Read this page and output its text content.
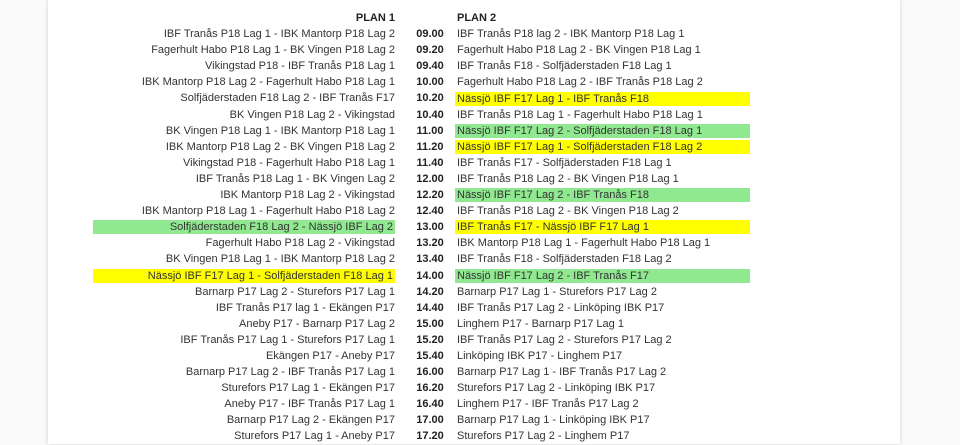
PLAN 1	PLAN 2
IBF Tranås P18 Lag 1 - IBK Mantorp P18 Lag 2	09.00	IBF Tranås P18 lag 2 - IBK Mantorp P18 Lag 1
Fagerhult Habo P18 Lag 1 - BK Vingen P18 Lag 2	09.20	Fagerhult Habo P18 Lag 2 - BK Vingen P18 Lag 1
Vikingstad P18 - IBF Tranås P18 Lag 1	09.40	IBF Tranås F18 - Solfjäderstaden F18 Lag 1
IBK Mantorp P18 Lag 2 - Fagerhult Habo P18 Lag 1	10.00	Fagerhult Habo P18 Lag 2 - IBF Tranås P18 Lag 2
Solfjäderstaden F18 Lag 2 - IBF Tranås F17	10.20	Nässjö IBF F17 Lag 1 - IBF Tranås F18
BK Vingen P18 Lag 2 - Vikingstad	10.40	IBF Tranås P18 Lag 1 - Fagerhult Habo P18 Lag 1
BK Vingen P18 Lag 1 - IBK Mantorp P18 Lag 1	11.00	Nässjö IBF F17 Lag 2 - Solfjäderstaden F18 Lag 1
IBK Mantorp P18 Lag 2 - BK Vingen P18 Lag 2	11.20	Nässjö IBF F17 Lag 1 - Solfjäderstaden F18 Lag 2
Vikingstad P18 - Fagerhult Habo P18 Lag 1	11.40	IBF Tranås F17 - Solfjäderstaden F18 Lag 1
IBF Tranås P18 Lag 1 - BK Vingen Lag 2	12.00	IBF Tranås P18 Lag 2 - BK Vingen P18 Lag 1
IBK Mantorp P18 Lag 2 - Vikingstad	12.20	Nässjö IBF F17 Lag 2 - IBF Tranås F18
IBK Mantorp P18 Lag 1 - Fagerhult Habo P18 Lag 2	12.40	IBF Tranås P18 Lag 2 - BK Vingen P18 Lag 2
Solfjäderstaden F18 Lag 2 - Nässjö IBF Lag 2	13.00	IBF Tranås F17 - Nässjö IBF F17 Lag 1
Fagerhult Habo P18 Lag 2 - Vikingstad	13.20	IBK Mantorp P18 Lag 1 - Fagerhult Habo P18 Lag 1
BK Vingen P18 Lag 1 - IBK Mantorp P18 Lag 2	13.40	IBF Tranås F18 - Solfjäderstaden F18 Lag 2
Nässjö IBF F17 Lag 1 - Solfjäderstaden F18 Lag 1	14.00	Nässjö IBF F17 Lag 2 - IBF Tranås F17
Barnarp P17 Lag 2 - Sturefors P17 Lag 1	14.20	Barnarp P17 Lag 1 - Sturefors P17 Lag 2
IBF Tranås P17 lag 1 - Ekängen P17	14.40	IBF Tranås P17 Lag 2 - Linköping IBK P17
Aneby P17 - Barnarp P17 Lag 2	15.00	Linghem P17 - Barnarp P17 Lag 1
IBF Tranås P17 Lag 1 - Sturefors P17 Lag 1	15.20	IBF Tranås P17 Lag 2 - Sturefors P17 Lag 2
Ekängen P17 - Aneby P17	15.40	Linköping IBK P17 - Linghem P17
Barnarp P17 Lag 2 - IBF Tranås P17 Lag 1	16.00	Barnarp P17 Lag 1 - IBF Tranås P17 Lag 2
Sturefors P17 Lag 1 - Ekängen P17	16.20	Sturefors P17 Lag 2 - Linköping IBK P17
Aneby P17 - IBF Tranås P17 Lag 1	16.40	Linghem P17 - IBF Tranås P17 Lag 2
Barnarp P17 Lag 2 - Ekängen P17	17.00	Barnarp P17 Lag 1 - Linköping IBK P17
Sturefors P17 Lag 1 - Aneby P17	17.20	Sturefors P17 Lag 2 - Linghem P17
